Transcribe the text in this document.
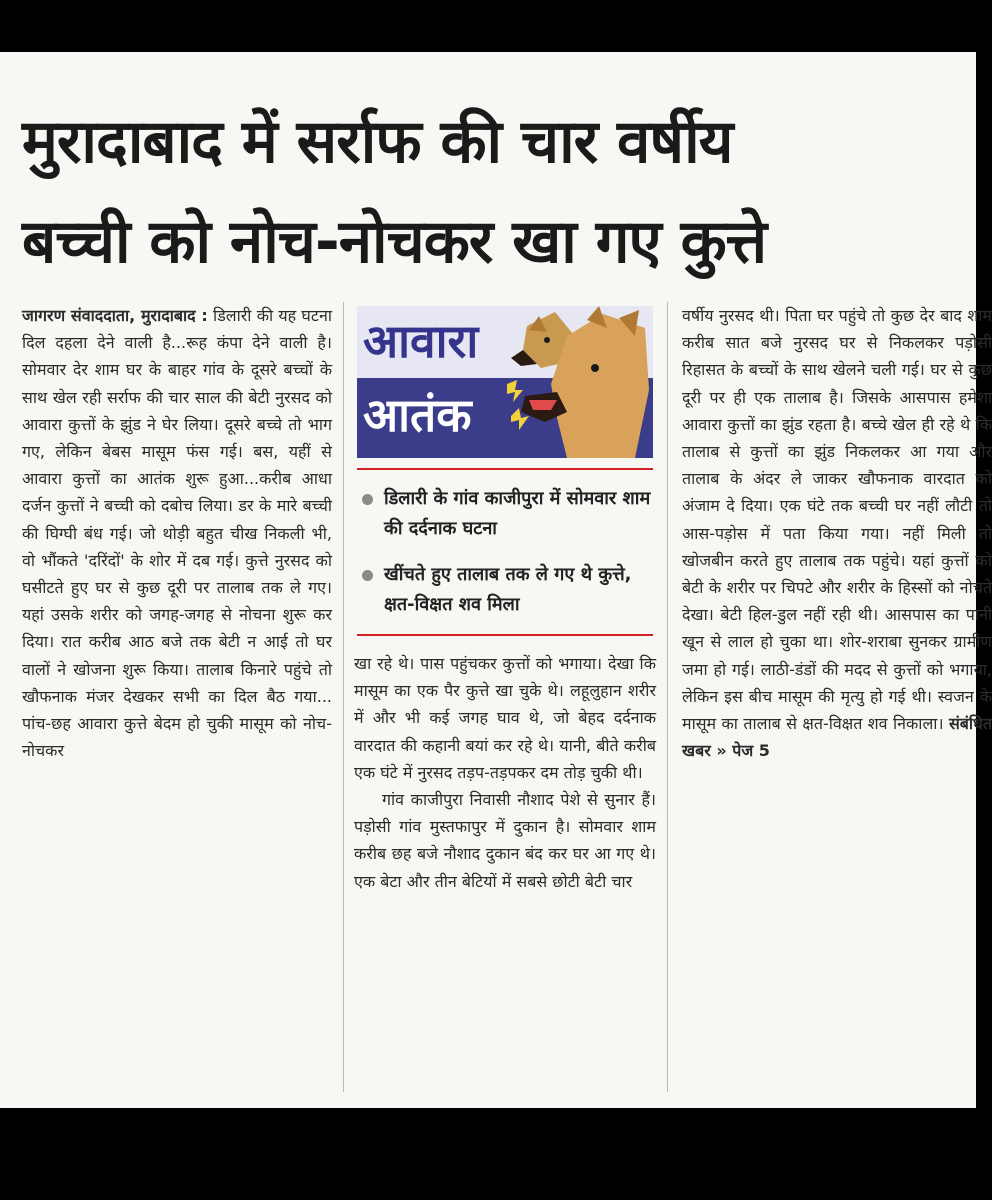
मुरादाबाद में सर्राफ की चार वर्षीय
बच्ची को नोच-नोचकर खा गए कुत्ते

जागरण संवाददाता, मुरादाबाद : डिलारी की यह घटना दिल दहला देने वाली है...रूह कंपा देने वाली है। सोमवार देर शाम घर के बाहर गांव के दूसरे बच्चों के साथ खेल रही सर्राफ की चार साल की बेटी नुरसद को आवारा कुत्तों के झुंड ने घेर लिया। दूसरे बच्चे तो भाग गए, लेकिन बेबस मासूम फंस गई। बस, यहीं से आवारा कुत्तों का आतंक शुरू हुआ...करीब आधा दर्जन कुत्तों ने बच्ची को दबोच लिया। डर के मारे बच्ची की घिग्घी बंध गई। जो थोड़ी बहुत चीख निकली भी, वो भौंकते 'दरिंदों' के शोर में दब गई। कुत्ते नुरसद को घसीटते हुए घर से कुछ दूरी पर तालाब तक ले गए। यहां उसके शरीर को जगह-जगह से नोचना शुरू कर दिया। रात करीब आठ बजे तक बेटी न आई तो घर वालों ने खोजना शुरू किया। तालाब किनारे पहुंचे तो खौफनाक मंजर देखकर सभी का दिल बैठ गया... पांच-छह आवारा कुत्ते बेदम हो चुकी मासूम को नोच-नोचकर

आवारा
आतंक

डिलारी के गांव काजीपुरा में सोमवार शाम की दर्दनाक घटना

खींचते हुए तालाब तक ले गए थे कुत्ते, क्षत-विक्षत शव मिला

खा रहे थे। पास पहुंचकर कुत्तों को भगाया। देखा कि मासूम का एक पैर कुत्ते खा चुके थे। लहूलुहान शरीर में और भी कई जगह घाव थे, जो बेहद दर्दनाक वारदात की कहानी बयां कर रहे थे। यानी, बीते करीब एक घंटे में नुरसद तड़प-तड़पकर दम तोड़ चुकी थी।

गांव काजीपुरा निवासी नौशाद पेशे से सुनार हैं। पड़ोसी गांव मुस्तफापुर में दुकान है। सोमवार शाम करीब छह बजे नौशाद दुकान बंद कर घर आ गए थे। एक बेटा और तीन बेटियों में सबसे छोटी बेटी चार

वर्षीय नुरसद थी। पिता घर पहुंचे तो कुछ देर बाद शाम करीब सात बजे नुरसद घर से निकलकर पड़ोसी रिहासत के बच्चों के साथ खेलने चली गई। घर से कुछ दूरी पर ही एक तालाब है। जिसके आसपास हमेशा आवारा कुत्तों का झुंड रहता है। बच्चे खेल ही रहे थे कि तालाब से कुत्तों का झुंड निकलकर आ गया और तालाब के अंदर ले जाकर खौफनाक वारदात को अंजाम दे दिया। एक घंटे तक बच्ची घर नहीं लौटी तो आस-पड़ोस में पता किया गया। नहीं मिली तो खोजबीन करते हुए तालाब तक पहुंचे। यहां कुत्तों को बेटी के शरीर पर चिपटे और शरीर के हिस्सों को नोचते देखा। बेटी हिल-डुल नहीं रही थी। आसपास का पानी खून से लाल हो चुका था। शोर-शराबा सुनकर ग्रामीण जमा हो गई। लाठी-डंडों की मदद से कुत्तों को भगाया, लेकिन इस बीच मासूम की मृत्यु हो गई थी। स्वजन के मासूम का तालाब से क्षत-विक्षत शव निकाला। संबंधित खबर » पेज 5
